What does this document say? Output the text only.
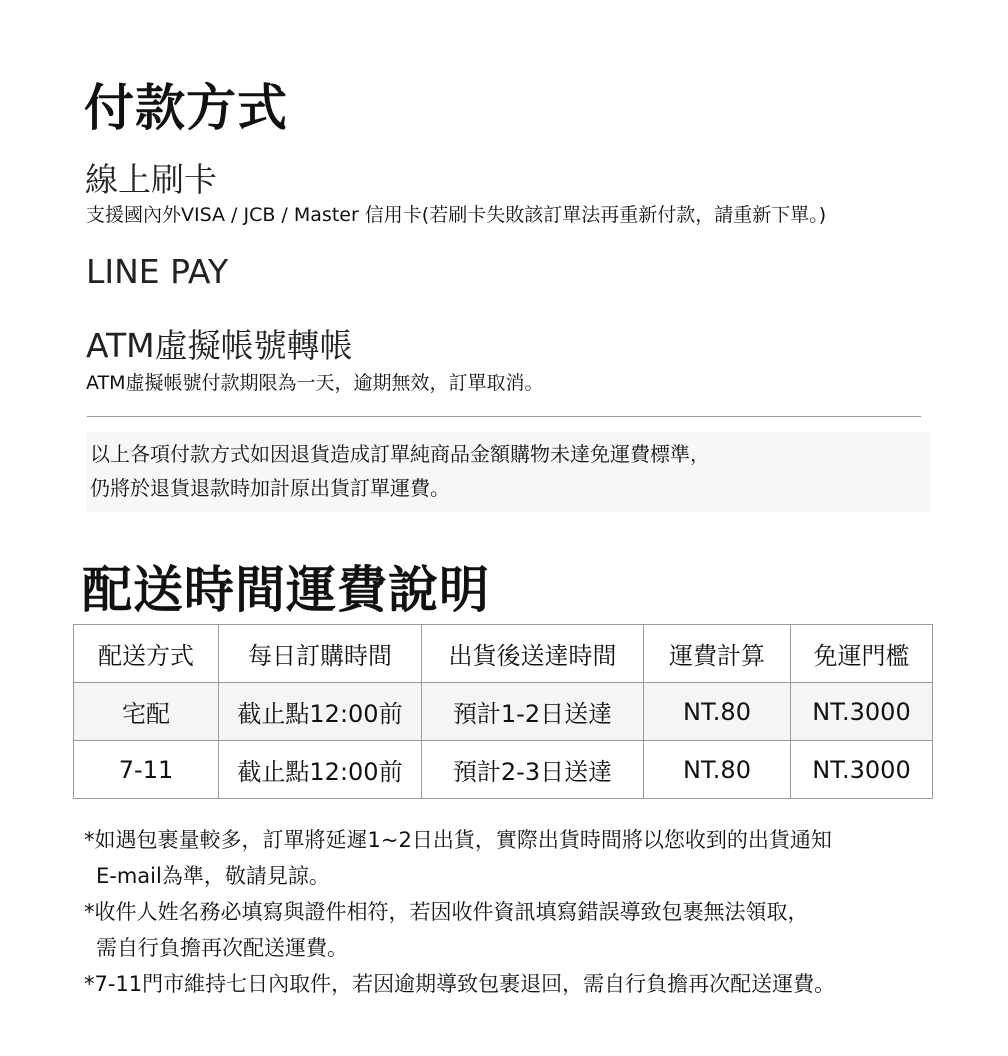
付款方式
線上刷卡
支援國內外VISA / JCB / Master 信用卡(若刷卡失敗該訂單法再重新付款，請重新下單。)
LINE PAY
ATM虛擬帳號轉帳
ATM虛擬帳號付款期限為一天，逾期無效，訂單取消。

以上各項付款方式如因退貨造成訂單純商品金額購物未達免運費標準，

仍將於退貨退款時加計原出貨訂單運費。

配送時間運費說明
配送方式	每日訂購時間	出貨後送達時間	運費計算	免運門檻
宅配	截止點12:00前	預計1-2日送達	NT.80	NT.3000
7-11	截止點12:00前	預計2-3日送達	NT.80	NT.3000
*如遇包裹量較多，訂單將延遲1~2日出貨，實際出貨時間將以您收到的出貨通知
E-mail為準，敬請見諒。
*收件人姓名務必填寫與證件相符，若因收件資訊填寫錯誤導致包裹無法領取，
需自行負擔再次配送運費。
*7-11門市維持七日內取件，若因逾期導致包裹退回，需自行負擔再次配送運費。
